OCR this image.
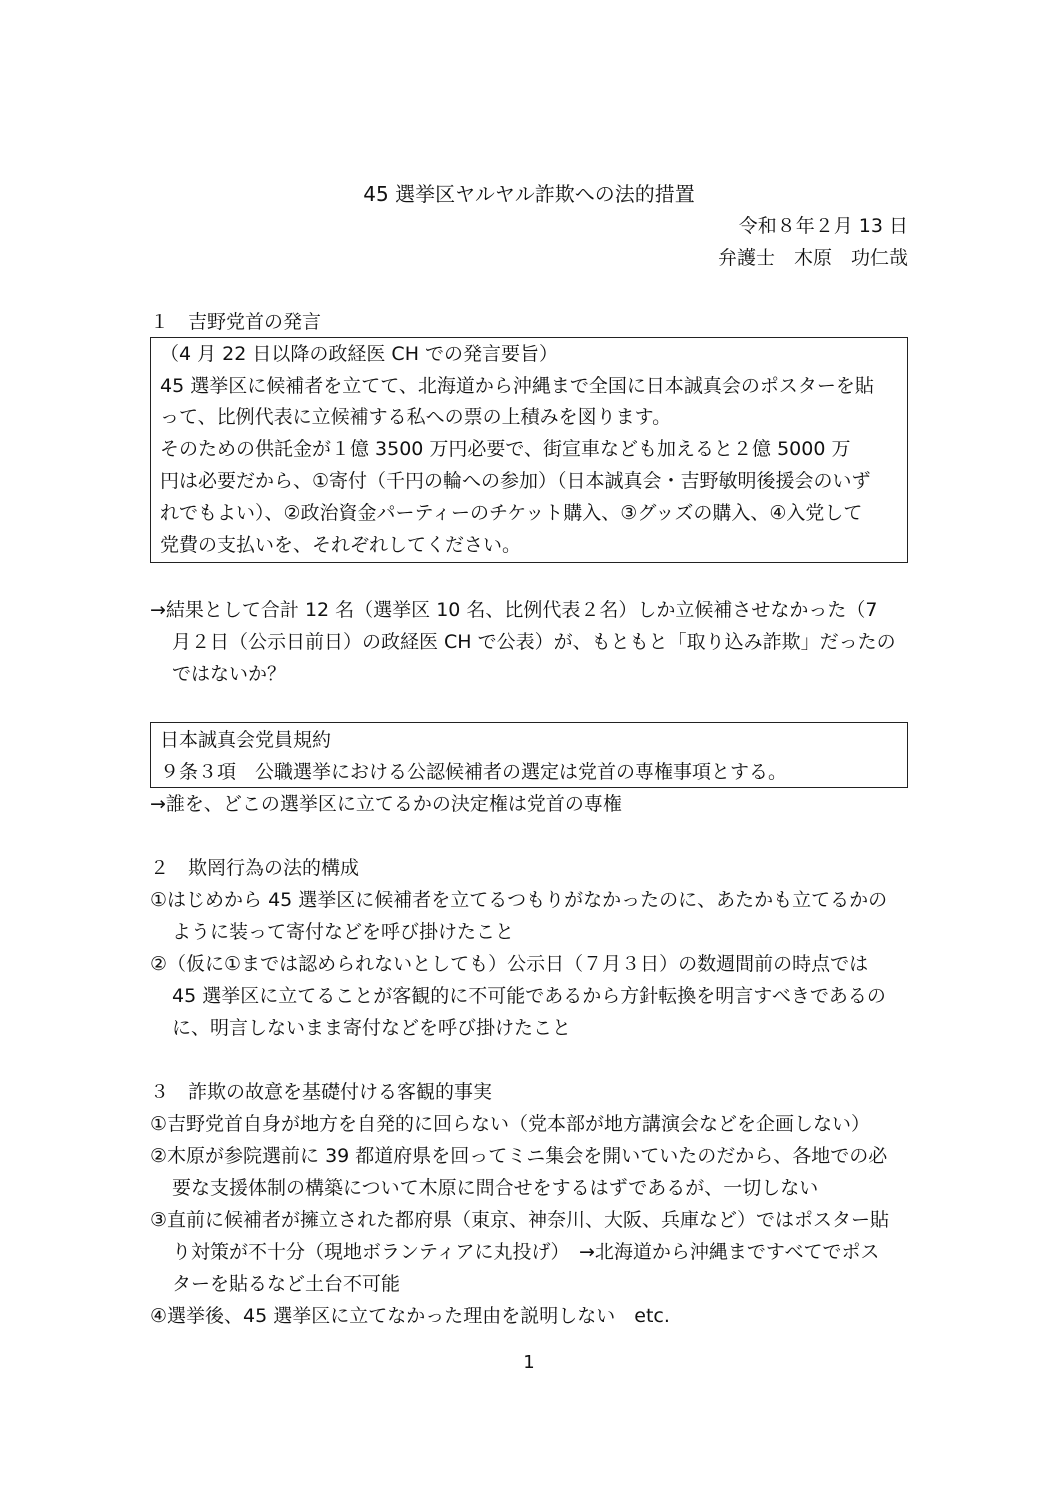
45 選挙区ヤルヤル詐欺への法的措置
令和８年２月 13 日
弁護士　木原　功仁哉
１　吉野党首の発言
（4 月 22 日以降の政経医 CH での発言要旨）
45 選挙区に候補者を立てて、北海道から沖縄まで全国に日本誠真会のポスターを貼
って、比例代表に立候補する私への票の上積みを図ります。
そのための供託金が１億 3500 万円必要で、街宣車なども加えると２億 5000 万
円は必要だから、①寄付（千円の輪への参加）（日本誠真会・吉野敏明後援会のいず
れでもよい）、②政治資金パーティーのチケット購入、③グッズの購入、④入党して
党費の支払いを、それぞれしてください。
→結果として合計 12 名（選挙区 10 名、比例代表２名）しか立候補させなかった（7
月２日（公示日前日）の政経医 CH で公表）が、もともと「取り込み詐欺」だったの
ではないか？
日本誠真会党員規約
９条３項　公職選挙における公認候補者の選定は党首の専権事項とする。
→誰を、どこの選挙区に立てるかの決定権は党首の専権
２　欺罔行為の法的構成
①はじめから 45 選挙区に候補者を立てるつもりがなかったのに、あたかも立てるかの
ように装って寄付などを呼び掛けたこと
②（仮に①までは認められないとしても）公示日（７月３日）の数週間前の時点では
45 選挙区に立てることが客観的に不可能であるから方針転換を明言すべきであるの
に、明言しないまま寄付などを呼び掛けたこと
３　詐欺の故意を基礎付ける客観的事実
①吉野党首自身が地方を自発的に回らない（党本部が地方講演会などを企画しない）
②木原が参院選前に 39 都道府県を回ってミニ集会を開いていたのだから、各地での必
要な支援体制の構築について木原に問合せをするはずであるが、一切しない
③直前に候補者が擁立された都府県（東京、神奈川、大阪、兵庫など）ではポスター貼
り対策が不十分（現地ボランティアに丸投げ）　→北海道から沖縄まですべてでポス
ターを貼るなど土台不可能
④選挙後、45 選挙区に立てなかった理由を説明しない　etc.
1
